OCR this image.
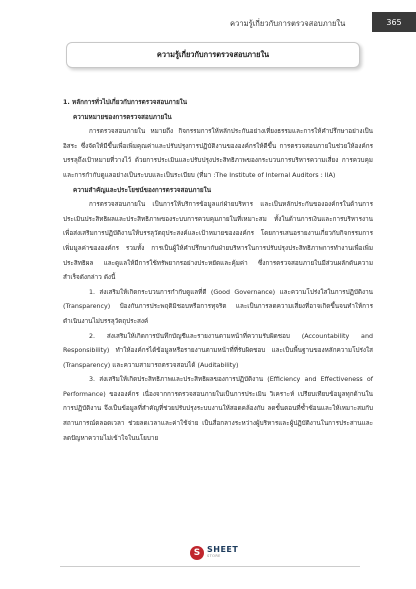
ความรู้เกี่ยวกับการตรวจสอบภายใน	365
ความรู้เกี่ยวกับการตรวจสอบภายใน

1. หลักการทั่วไปเกี่ยวกับการตรวจสอบภายใน

ความหมายของการตรวจสอบภายใน

การตรวจสอบภายใน หมายถึง กิจกรรมการให้หลักประกันอย่างเที่ยงธรรมและการให้คำปรึกษาอย่างเป็นอิสระ ซึ่งจัดให้มีขึ้นเพื่อเพิ่มคุณค่าและปรับปรุงการปฏิบัติงานขององค์กรให้ดีขึ้น การตรวจสอบภายในช่วยให้องค์กรบรรลุถึงเป้าหมายที่วางไว้ ด้วยการประเมินและปรับปรุงประสิทธิภาพของกระบวนการบริหารความเสี่ยง การควบคุมและการกำกับดูแลอย่างเป็นระบบและเป็นระเบียบ (ที่มา :The Institute of Internal Auditors : IIA)

ความสำคัญและประโยชน์ของการตรวจสอบภายใน

การตรวจสอบภายใน เป็นการให้บริการข้อมูลแก่ฝ่ายบริหาร และเป็นหลักประกันขององค์กรในด้านการประเมินประสิทธิผลและประสิทธิภาพของระบบการควบคุมภายในที่เหมาะสม ทั้งในด้านการเงินและการบริหารงาน เพื่อส่งเสริมการปฏิบัติงานให้บรรลุวัตถุประสงค์และเป้าหมายขององค์กร โดยการเสนอรายงานเกี่ยวกับกิจกรรมการเพิ่มมูลค่าขององค์กร รวมทั้ง การเป็นผู้ให้คำปรึกษากับฝ่ายบริหารในการปรับปรุงประสิทธิภาพการทำงานเพื่อเพิ่มประสิทธิผล และดูแลให้มีการใช้ทรัพยากรอย่างประหยัดและคุ้มค่า ซึ่งการตรวจสอบภายในมีส่วนผลักดันความสำเร็จดังกล่าว ดังนี้

1. ส่งเสริมให้เกิดกระบวนการกำกับดูแลที่ดี (Good Governance) และความโปร่งใสในการปฏิบัติงาน (Transparency) ป้องกันการประพฤติมิชอบหรือการทุจริต และเป็นการลดความเสี่ยงที่อาจเกิดขึ้นจนทำให้การดำเนินงานไม่บรรลุวัตถุประสงค์

2. ส่งเสริมให้เกิดการบันทึกบัญชีและรายงานตามหน้าที่ความรับผิดชอบ (Accountability and Responsibility) ทำให้องค์กรได้ข้อมูลหรือรายงานตามหน้าที่ที่รับผิดชอบ และเป็นพื้นฐานของหลักความโปร่งใส (Transparency) และความสามารถตรวจสอบได้ (Auditability)

3. ส่งเสริมให้เกิดประสิทธิภาพและประสิทธิผลของการปฏิบัติงาน (Efficiency and Effectiveness of Performance) ขององค์กร เนื่องจากการตรวจสอบภายในเป็นการประเมิน วิเคราะห์ เปรียบเทียบข้อมูลทุกด้านในการปฏิบัติงาน จึงเป็นข้อมูลที่สำคัญที่ช่วยปรับปรุงระบบงานให้สอดคล้องกับ ลดขั้นตอนที่ซ้ำซ้อนและให้เหมาะสมกับสถานการณ์ตลอดเวลา ช่วยลดเวลาและค่าใช้จ่าย เป็นสื่อกลางระหว่างผู้บริหารและผู้ปฏิบัติงานในการประสานและลดปัญหาความไม่เข้าใจในนโยบาย

S SHEET
STORE
